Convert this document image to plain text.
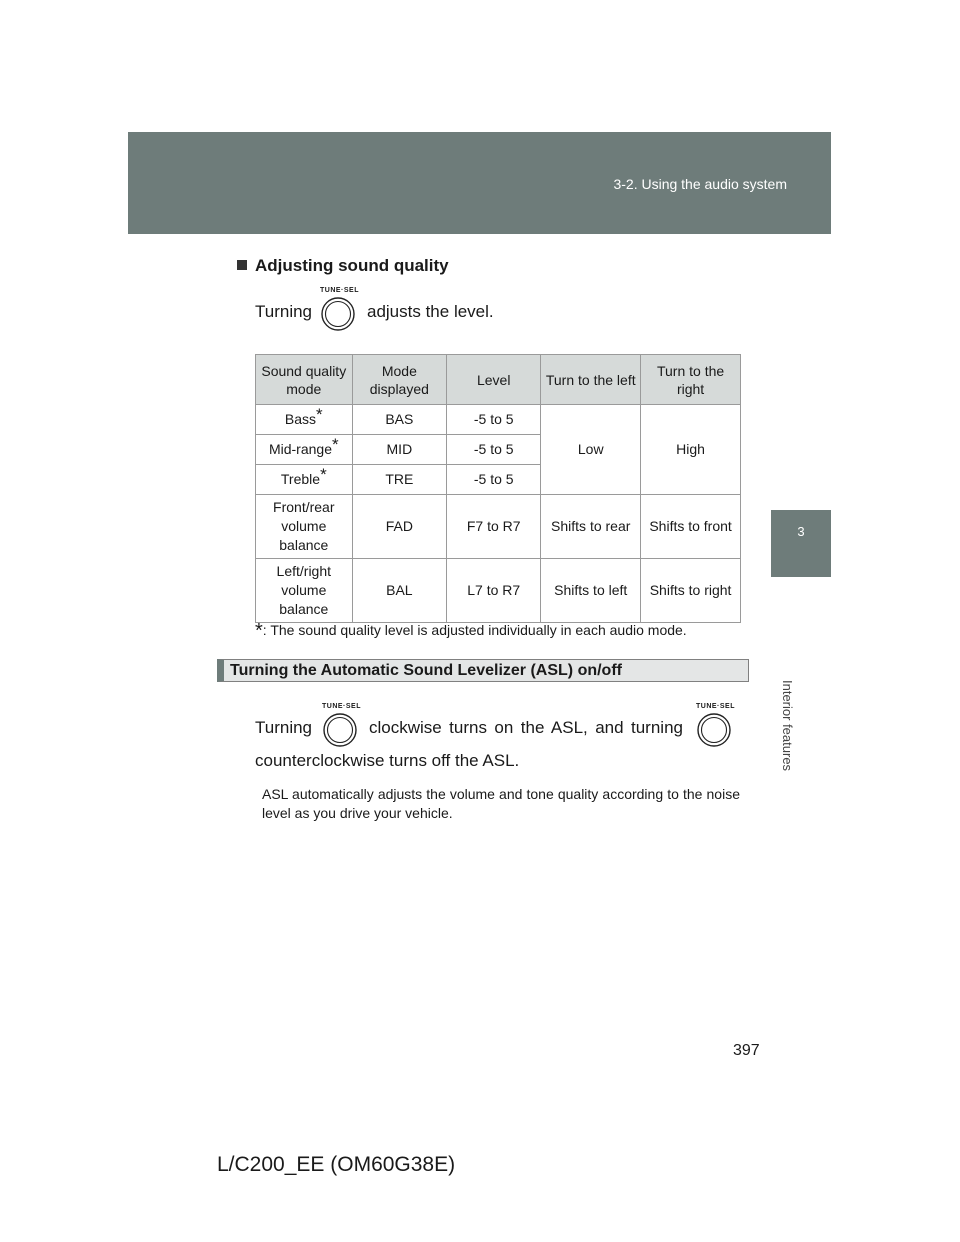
3-2. Using the audio system
3
Interior features
Adjusting sound quality
Turning
TUNE·SEL
adjusts the level.
Sound quality mode	Mode displayed	Level	Turn to the left	Turn to the right
Bass*	BAS	-5 to 5	Low	High
Mid-range*	MID	-5 to 5		
Treble*	TRE	-5 to 5		
Front/rear volume balance	FAD	F7 to R7	Shifts to rear	Shifts to front
Left/right volume balance	BAL	L7 to R7	Shifts to left	Shifts to right
*: The sound quality level is adjusted individually in each audio mode.
Turning the Automatic Sound Levelizer (ASL) on/off
Turning
TUNE·SEL
clockwise turns on the ASL, and turning
TUNE·SEL
counterclockwise turns off the ASL.
ASL automatically adjusts the volume and tone quality according to the noise level as you drive your vehicle.
397
L/C200_EE (OM60G38E)
